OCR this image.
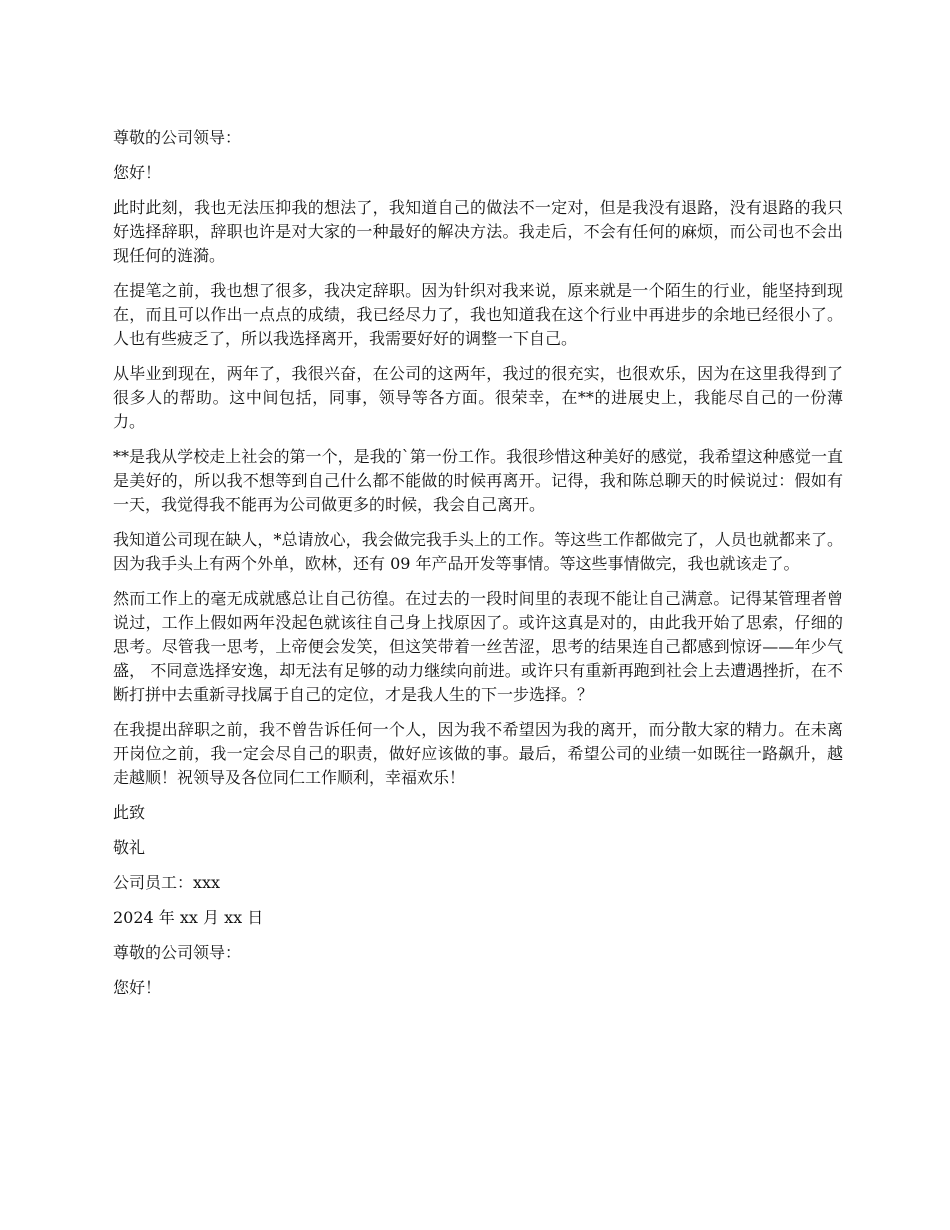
尊敬的公司领导：

您好！

此时此刻，我也无法压抑我的想法了，我知道自己的做法不一定对，但是我没有退路，没有退路的我只好选择辞职，辞职也许是对大家的一种最好的解决方法。我走后，不会有任何的麻烦，而公司也不会出现任何的涟漪。

在提笔之前，我也想了很多，我决定辞职。因为针织对我来说，原来就是一个陌生的行业，能坚持到现在，而且可以作出一点点的成绩，我已经尽力了，我也知道我在这个行业中再进步的余地已经很小了。人也有些疲乏了，所以我选择离开，我需要好好的调整一下自己。

从毕业到现在，两年了，我很兴奋，在公司的这两年，我过的很充实，也很欢乐，因为在这里我得到了很多人的帮助。这中间包括，同事，领导等各方面。很荣幸，在**的进展史上，我能尽自己的一份薄力。

**是我从学校走上社会的第一个，是我的`第一份工作。我很珍惜这种美好的感觉，我希望这种感觉一直是美好的，所以我不想等到自己什么都不能做的时候再离开。记得，我和陈总聊天的时候说过：假如有一天，我觉得我不能再为公司做更多的时候，我会自己离开。

我知道公司现在缺人，*总请放心，我会做完我手头上的工作。等这些工作都做完了，人员也就都来了。因为我手头上有两个外单，欧林，还有 09 年产品开发等事情。等这些事情做完，我也就该走了。

然而工作上的毫无成就感总让自己彷徨。在过去的一段时间里的表现不能让自己满意。记得某管理者曾说过，工作上假如两年没起色就该往自己身上找原因了。或许这真是对的，由此我开始了思索，仔细的思考。尽管我一思考，上帝便会发笑，但这笑带着一丝苦涩，思考的结果连自己都感到惊讶——年少气盛， 不同意选择安逸，却无法有足够的动力继续向前进。或许只有重新再跑到社会上去遭遇挫折，在不断打拼中去重新寻找属于自己的定位，才是我人生的下一步选择。？

在我提出辞职之前，我不曾告诉任何一个人，因为我不希望因为我的离开，而分散大家的精力。在未离开岗位之前，我一定会尽自己的职责，做好应该做的事。最后，希望公司的业绩一如既往一路飙升，越走越顺！祝领导及各位同仁工作顺利，幸福欢乐！

此致

敬礼

公司员工：xxx

2024 年 xx 月 xx 日

尊敬的公司领导：

您好！
